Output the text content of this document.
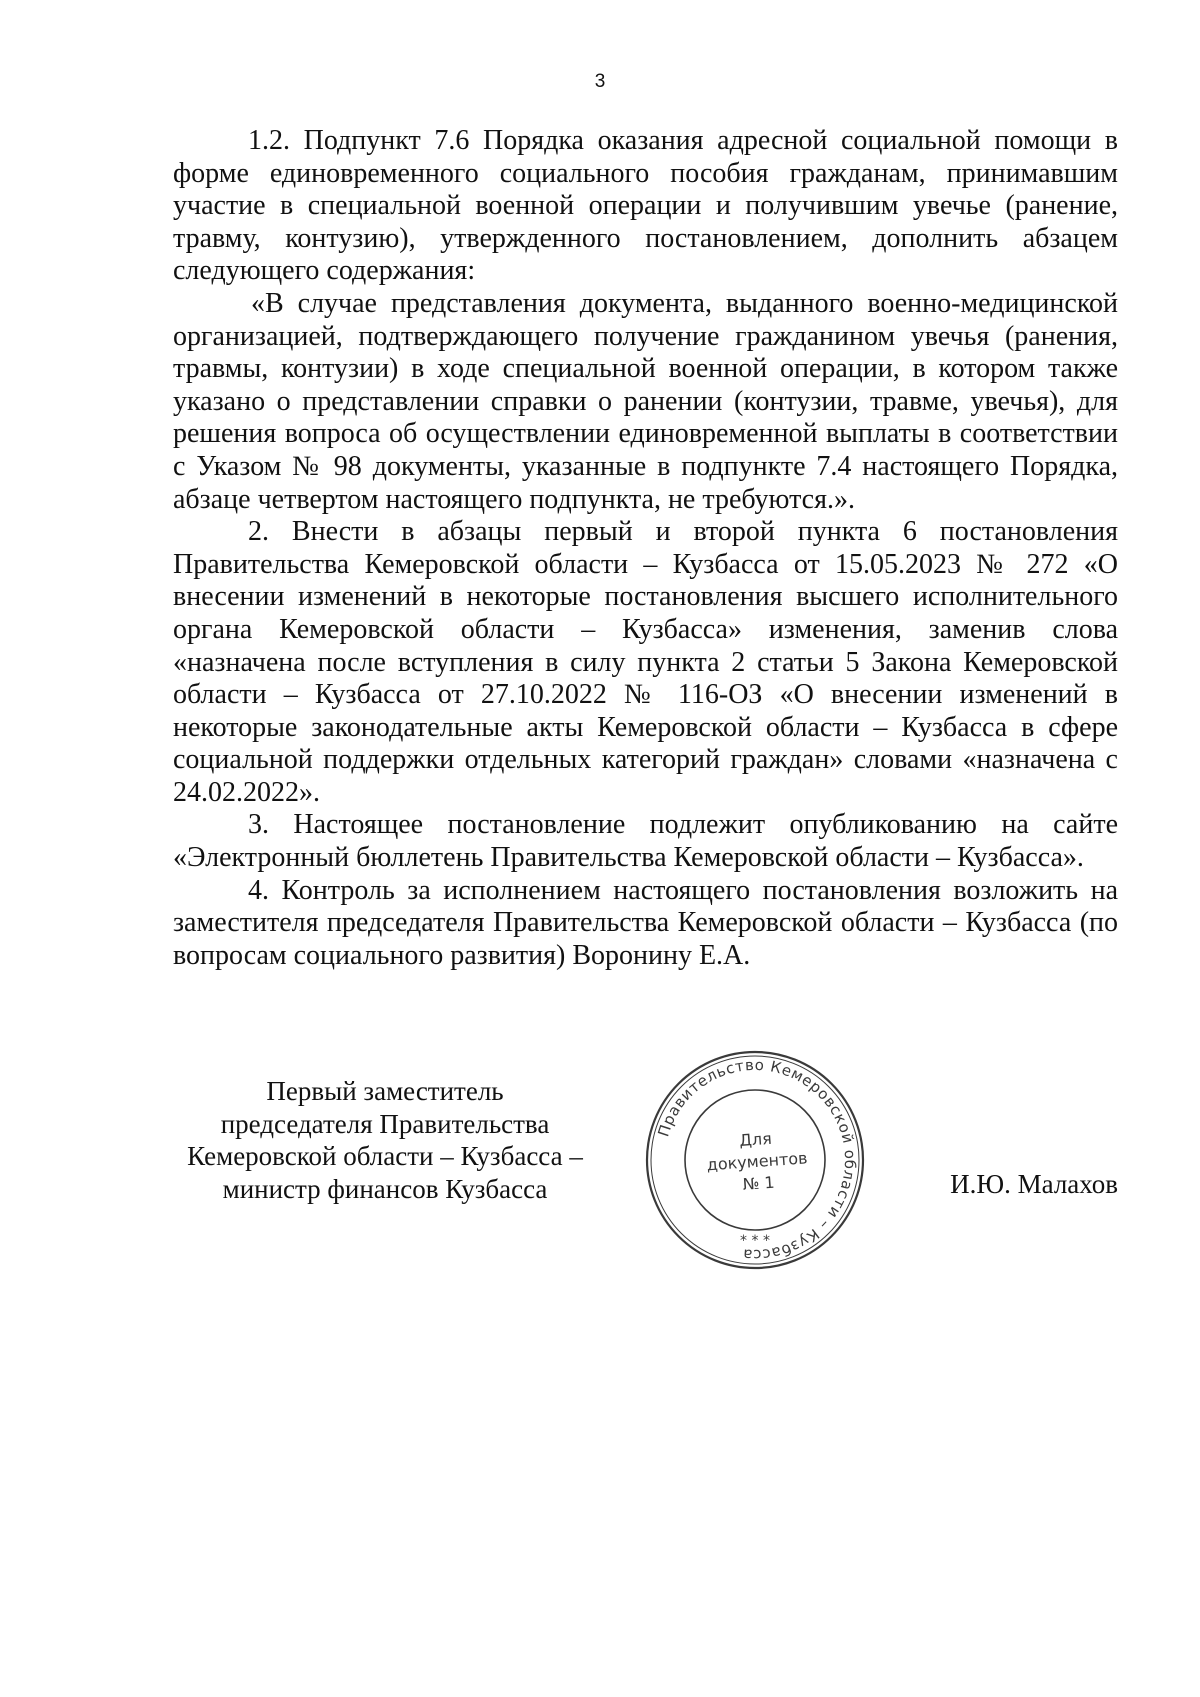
3

1.2. Подпункт 7.6 Порядка оказания адресной социальной помощи в форме единовременного социального пособия гражданам, принимавшим участие в специальной военной операции и получившим увечье (ранение, травму, контузию), утвержденного постановлением, дополнить абзацем следующего содержания:

«В случае представления документа, выданного военно-медицинской организацией, подтверждающего получение гражданином увечья (ранения, травмы, контузии) в ходе специальной военной операции, в котором также указано о представлении справки о ранении (контузии, травме, увечья), для решения вопроса об осуществлении единовременной выплаты в соответствии с Указом № 98 документы, указанные в подпункте 7.4 настоящего Порядка, абзаце четвертом настоящего подпункта, не требуются.».

2. Внести в абзацы первый и второй пункта 6 постановления Правительства Кемеровской области – Кузбасса от 15.05.2023 № 272 «О внесении изменений в некоторые постановления высшего исполнительного органа Кемеровской области – Кузбасса» изменения, заменив слова «назначена после вступления в силу пункта 2 статьи 5 Закона Кемеровской области – Кузбасса от 27.10.2022 № 116-ОЗ «О внесении изменений в некоторые законодательные акты Кемеровской области – Кузбасса в сфере социальной поддержки отдельных категорий граждан» словами «назначена с 24.02.2022».

3. Настоящее постановление подлежит опубликованию на сайте «Электронный бюллетень Правительства Кемеровской области – Кузбасса».

4. Контроль за исполнением настоящего постановления возложить на заместителя председателя Правительства Кемеровской области – Кузбасса (по вопросам социального развития) Воронину Е.А.

Первый заместитель
председателя Правительства
Кемеровской области – Кузбасса –
министр финансов Кузбасса
Правительство Кемеровской области – Кузбасса
* * *
Для
документов
№ 1	И.Ю. Малахов
